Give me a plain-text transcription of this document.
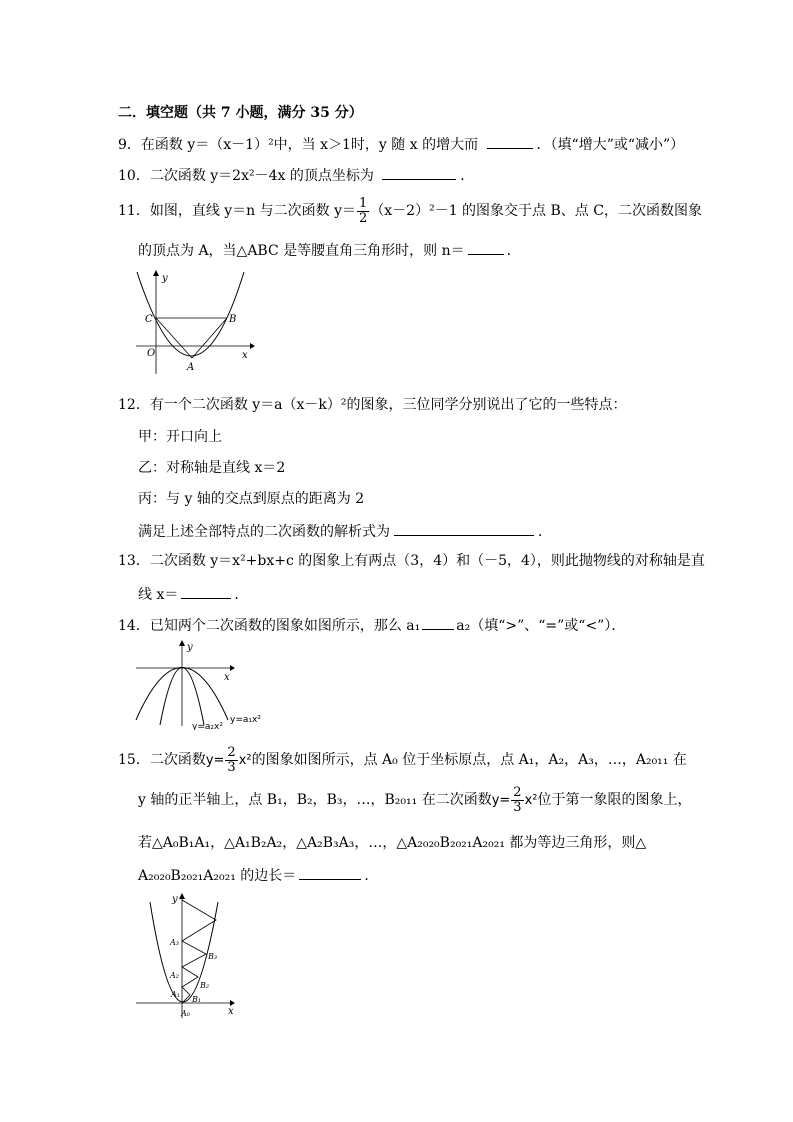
二．填空题（共 7 小题，满分 35 分）
9．在函数 y＝（x－1）²中，当 x＞1时，y 随 x 的增大而	．（填“增大”或“减小”）
10．二次函数 y＝2x²－4x 的顶点坐标为	．
11．如图，直线 y＝n 与二次函数 $y= \frac{1}{2} (x-2)^2-1$ 的图象交于点 B、点 C，二次函数图象
的顶点为 A，当△ABC 是等腰直角三角形时，则 n＝	．
y
x
O
C	B
A
12．有一个二次函数 y＝a（x－k）²的图象，三位同学分别说出了它的一些特点：
甲：开口向上
乙：对称轴是直线 x＝2
丙：与 y 轴的交点到原点的距离为 2
满足上述全部特点的二次函数的解析式为	．
13．二次函数 y＝x²+bx+c 的图象上有两点（3，4）和（－5，4），则此抛物线的对称轴是直
线 x＝	．
14．已知两个二次函数的图象如图所示，那么 a₁	a₂（填“>”、“=”或“<”）．
y
x
y=a₂x²
y=a₁x²
15．二次函数$y= \frac{2}{3} x^2$的图象如图所示，点 A₀ 位于坐标原点，点 A₁，A₂，A₃，…，A₂₀₁₁ 在
y 轴的正半轴上，点 B₁，B₂，B₃，…，B₂₀₁₁ 在二次函数$y= \frac{2}{3} x^2$位于第一象限的图象上，
若△A₀B₁A₁，△A₁B₂A₂，△A₂B₃A₃，…，△A₂₀₂₀B₂₀₂₁A₂₀₂₁ 都为等边三角形，则△
A₂₀₂₀B₂₀₂₁A₂₀₂₁ 的边长＝	．
y
x
A₀
A₁
A₂
A₃
B₁
B₂
B₃
